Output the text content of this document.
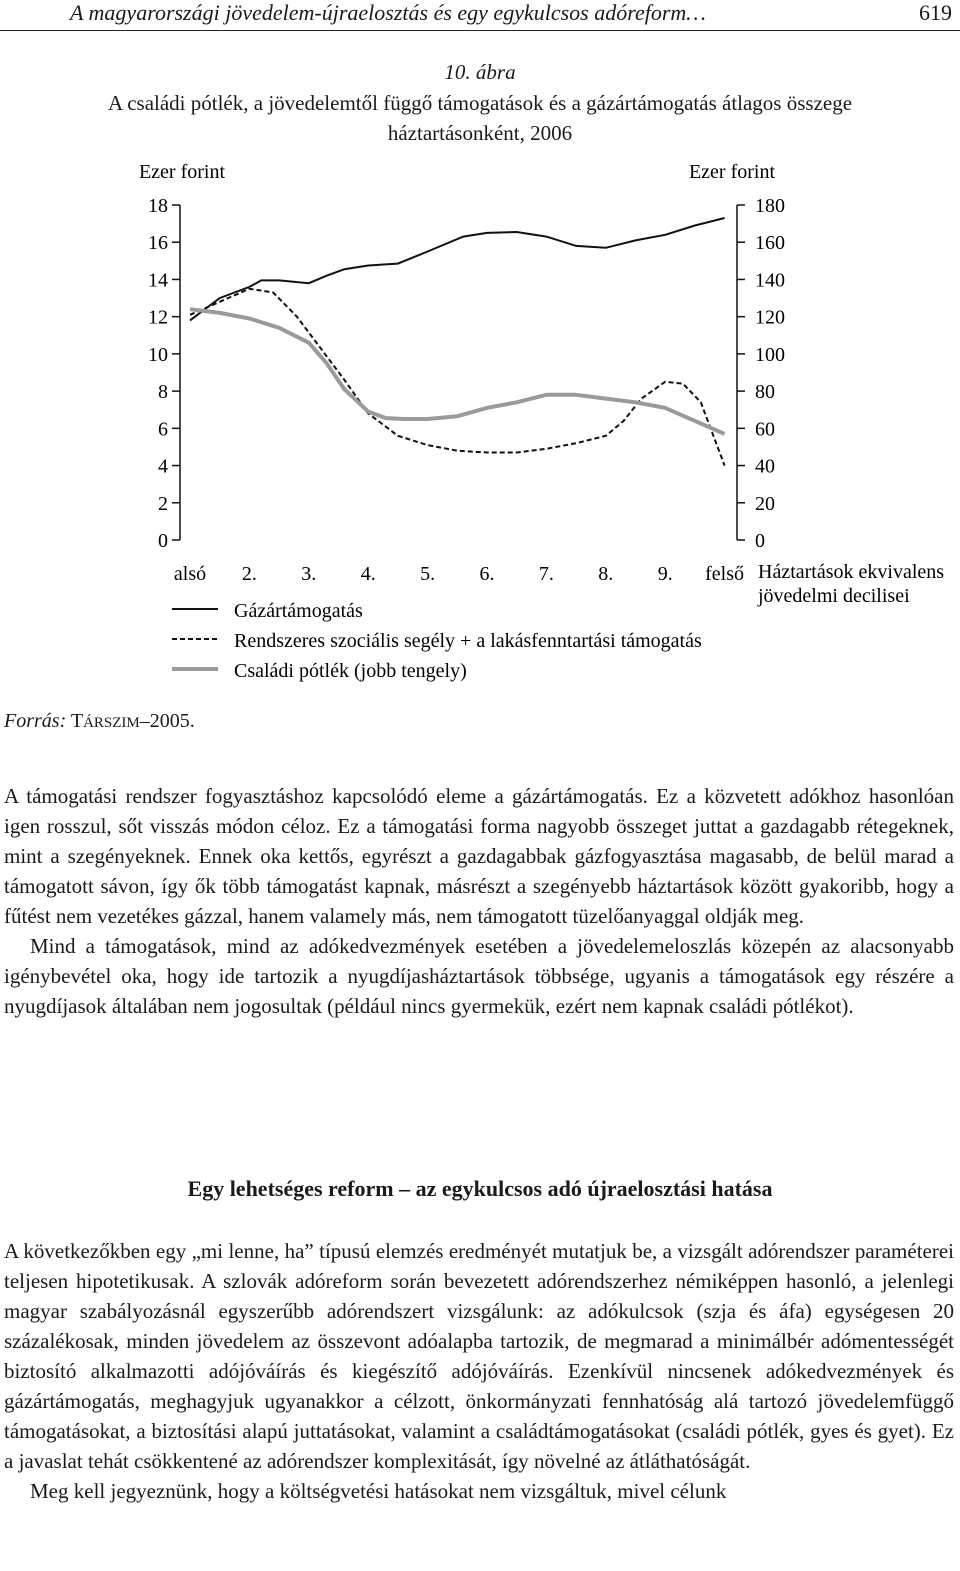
A magyarországi jövedelem-újraelosztás és egy egykulcsos adóreform…	619
10. ábra
A családi pótlék, a jövedelemtől függő támogatások és a gázártámogatás átlagos összege
háztartásonként, 2006
Ezer forint	Ezer forint
0
2
4
6
8
10
12
14
16
18
0
20
40
60
80
100
120
140
160
180
alsó 2. 3. 4. 5. 6. 7. 8. 9. felső Háztartások ekvivalens
jövedelmi decilisei
Gázártámogatás
Rendszeres szociális segély + a lakásfenntartási támogatás
Családi pótlék (jobb tengely)
Forrás: TÁRSZIM–2005.

A támogatási rendszer fogyasztáshoz kapcsolódó eleme a gázártámogatás. Ez a közvetett adókhoz hasonlóan igen rosszul, sőt visszás módon céloz. Ez a támogatási forma nagyobb összeget juttat a gazdagabb rétegeknek, mint a szegényeknek. Ennek oka kettős, egyrészt a gazdagabbak gázfogyasztása magasabb, de belül marad a támogatott sávon, így ők több támogatást kapnak, másrészt a szegényebb háztartások között gyakoribb, hogy a fűtést nem vezetékes gázzal, hanem valamely más, nem támogatott tüzelőanyaggal oldják meg.

Mind a támogatások, mind az adókedvezmények esetében a jövedelemeloszlás közepén az alacsonyabb igénybevétel oka, hogy ide tartozik a nyugdíjasháztartások többsége, ugyanis a támogatások egy részére a nyugdíjasok általában nem jogosultak (például nincs gyermekük, ezért nem kapnak családi pótlékot).

Egy lehetséges reform – az egykulcsos adó újraelosztási hatása

A következőkben egy „mi lenne, ha” típusú elemzés eredményét mutatjuk be, a vizsgált adórendszer paraméterei teljesen hipotetikusak. A szlovák adóreform során bevezetett adórendszerhez némiképpen hasonló, a jelenlegi magyar szabályozásnál egyszerűbb adórendszert vizsgálunk: az adókulcsok (szja és áfa) egységesen 20 százalékosak, minden jövedelem az összevont adóalapba tartozik, de megmarad a minimálbér adómentességét biztosító alkalmazotti adójóváírás és kiegészítő adójóváírás. Ezenkívül nincsenek adókedvezmények és gázártámogatás, meghagyjuk ugyanakkor a célzott, önkormányzati fennhatóság alá tartozó jövedelemfüggő támogatásokat, a biztosítási alapú juttatásokat, valamint a családtámogatásokat (családi pótlék, gyes és gyet). Ez a javaslat tehát csökkentené az adórendszer komplexitását, így növelné az átláthatóságát.

Meg kell jegyeznünk, hogy a költségvetési hatásokat nem vizsgáltuk, mivel célunk
